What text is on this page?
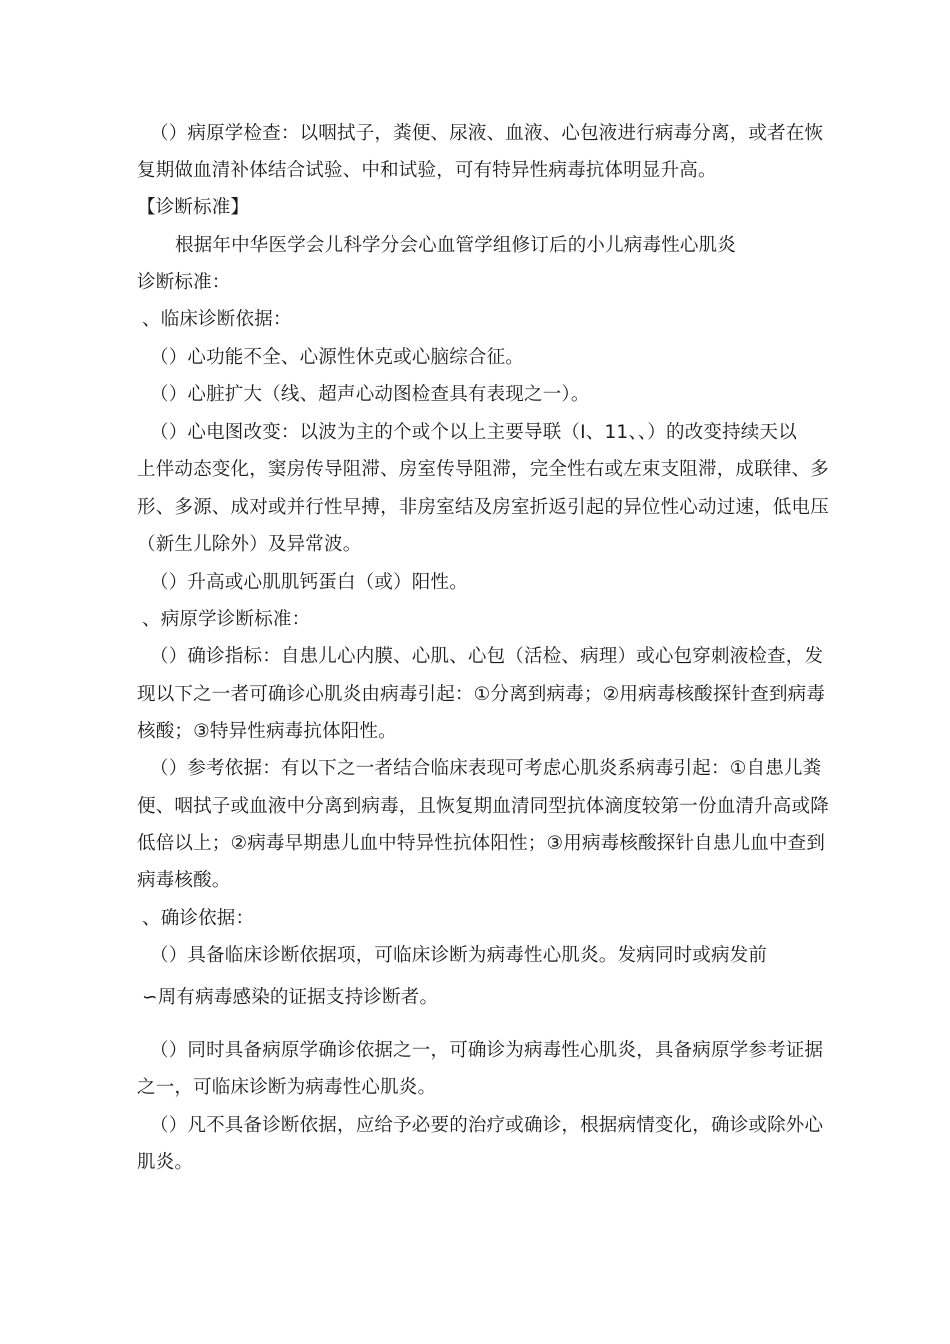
（）病原学检查：以咽拭子，粪便、尿液、血液、心包液进行病毒分离，或者在恢
复期做血清补体结合试验、中和试验，可有特异性病毒抗体明显升高。
【诊断标准】
根据年中华医学会儿科学分会心血管学组修订后的小儿病毒性心肌炎
诊断标准：
、临床诊断依据：
（）心功能不全、心源性休克或心脑综合征。
（）心脏扩大（线、超声心动图检查具有表现之一）。
（）心电图改变：以波为主的个或个以上主要导联（Ⅰ、11、、）的改变持续天以
上伴动态变化，窦房传导阻滞、房室传导阻滞，完全性右或左束支阻滞，成联律、多
形、多源、成对或并行性早搏，非房室结及房室折返引起的异位性心动过速，低电压
（新生儿除外）及异常波。
（）升高或心肌肌钙蛋白（或）阳性。
、病原学诊断标准：
（）确诊指标：自患儿心内膜、心肌、心包（活检、病理）或心包穿刺液检查，发
现以下之一者可确诊心肌炎由病毒引起：①分离到病毒；②用病毒核酸探针查到病毒
核酸；③特异性病毒抗体阳性。
（）参考依据：有以下之一者结合临床表现可考虑心肌炎系病毒引起：①自患儿粪
便、咽拭子或血液中分离到病毒，且恢复期血清同型抗体滴度较第一份血清升高或降
低倍以上；②病毒早期患儿血中特异性抗体阳性；③用病毒核酸探针自患儿血中查到
病毒核酸。
、确诊依据：
（）具备临床诊断依据项，可临床诊断为病毒性心肌炎。发病同时或病发前
∽周有病毒感染的证据支持诊断者。
（）同时具备病原学确诊依据之一，可确诊为病毒性心肌炎，具备病原学参考证据
之一，可临床诊断为病毒性心肌炎。
（）凡不具备诊断依据，应给予必要的治疗或确诊，根据病情变化，确诊或除外心
肌炎。
